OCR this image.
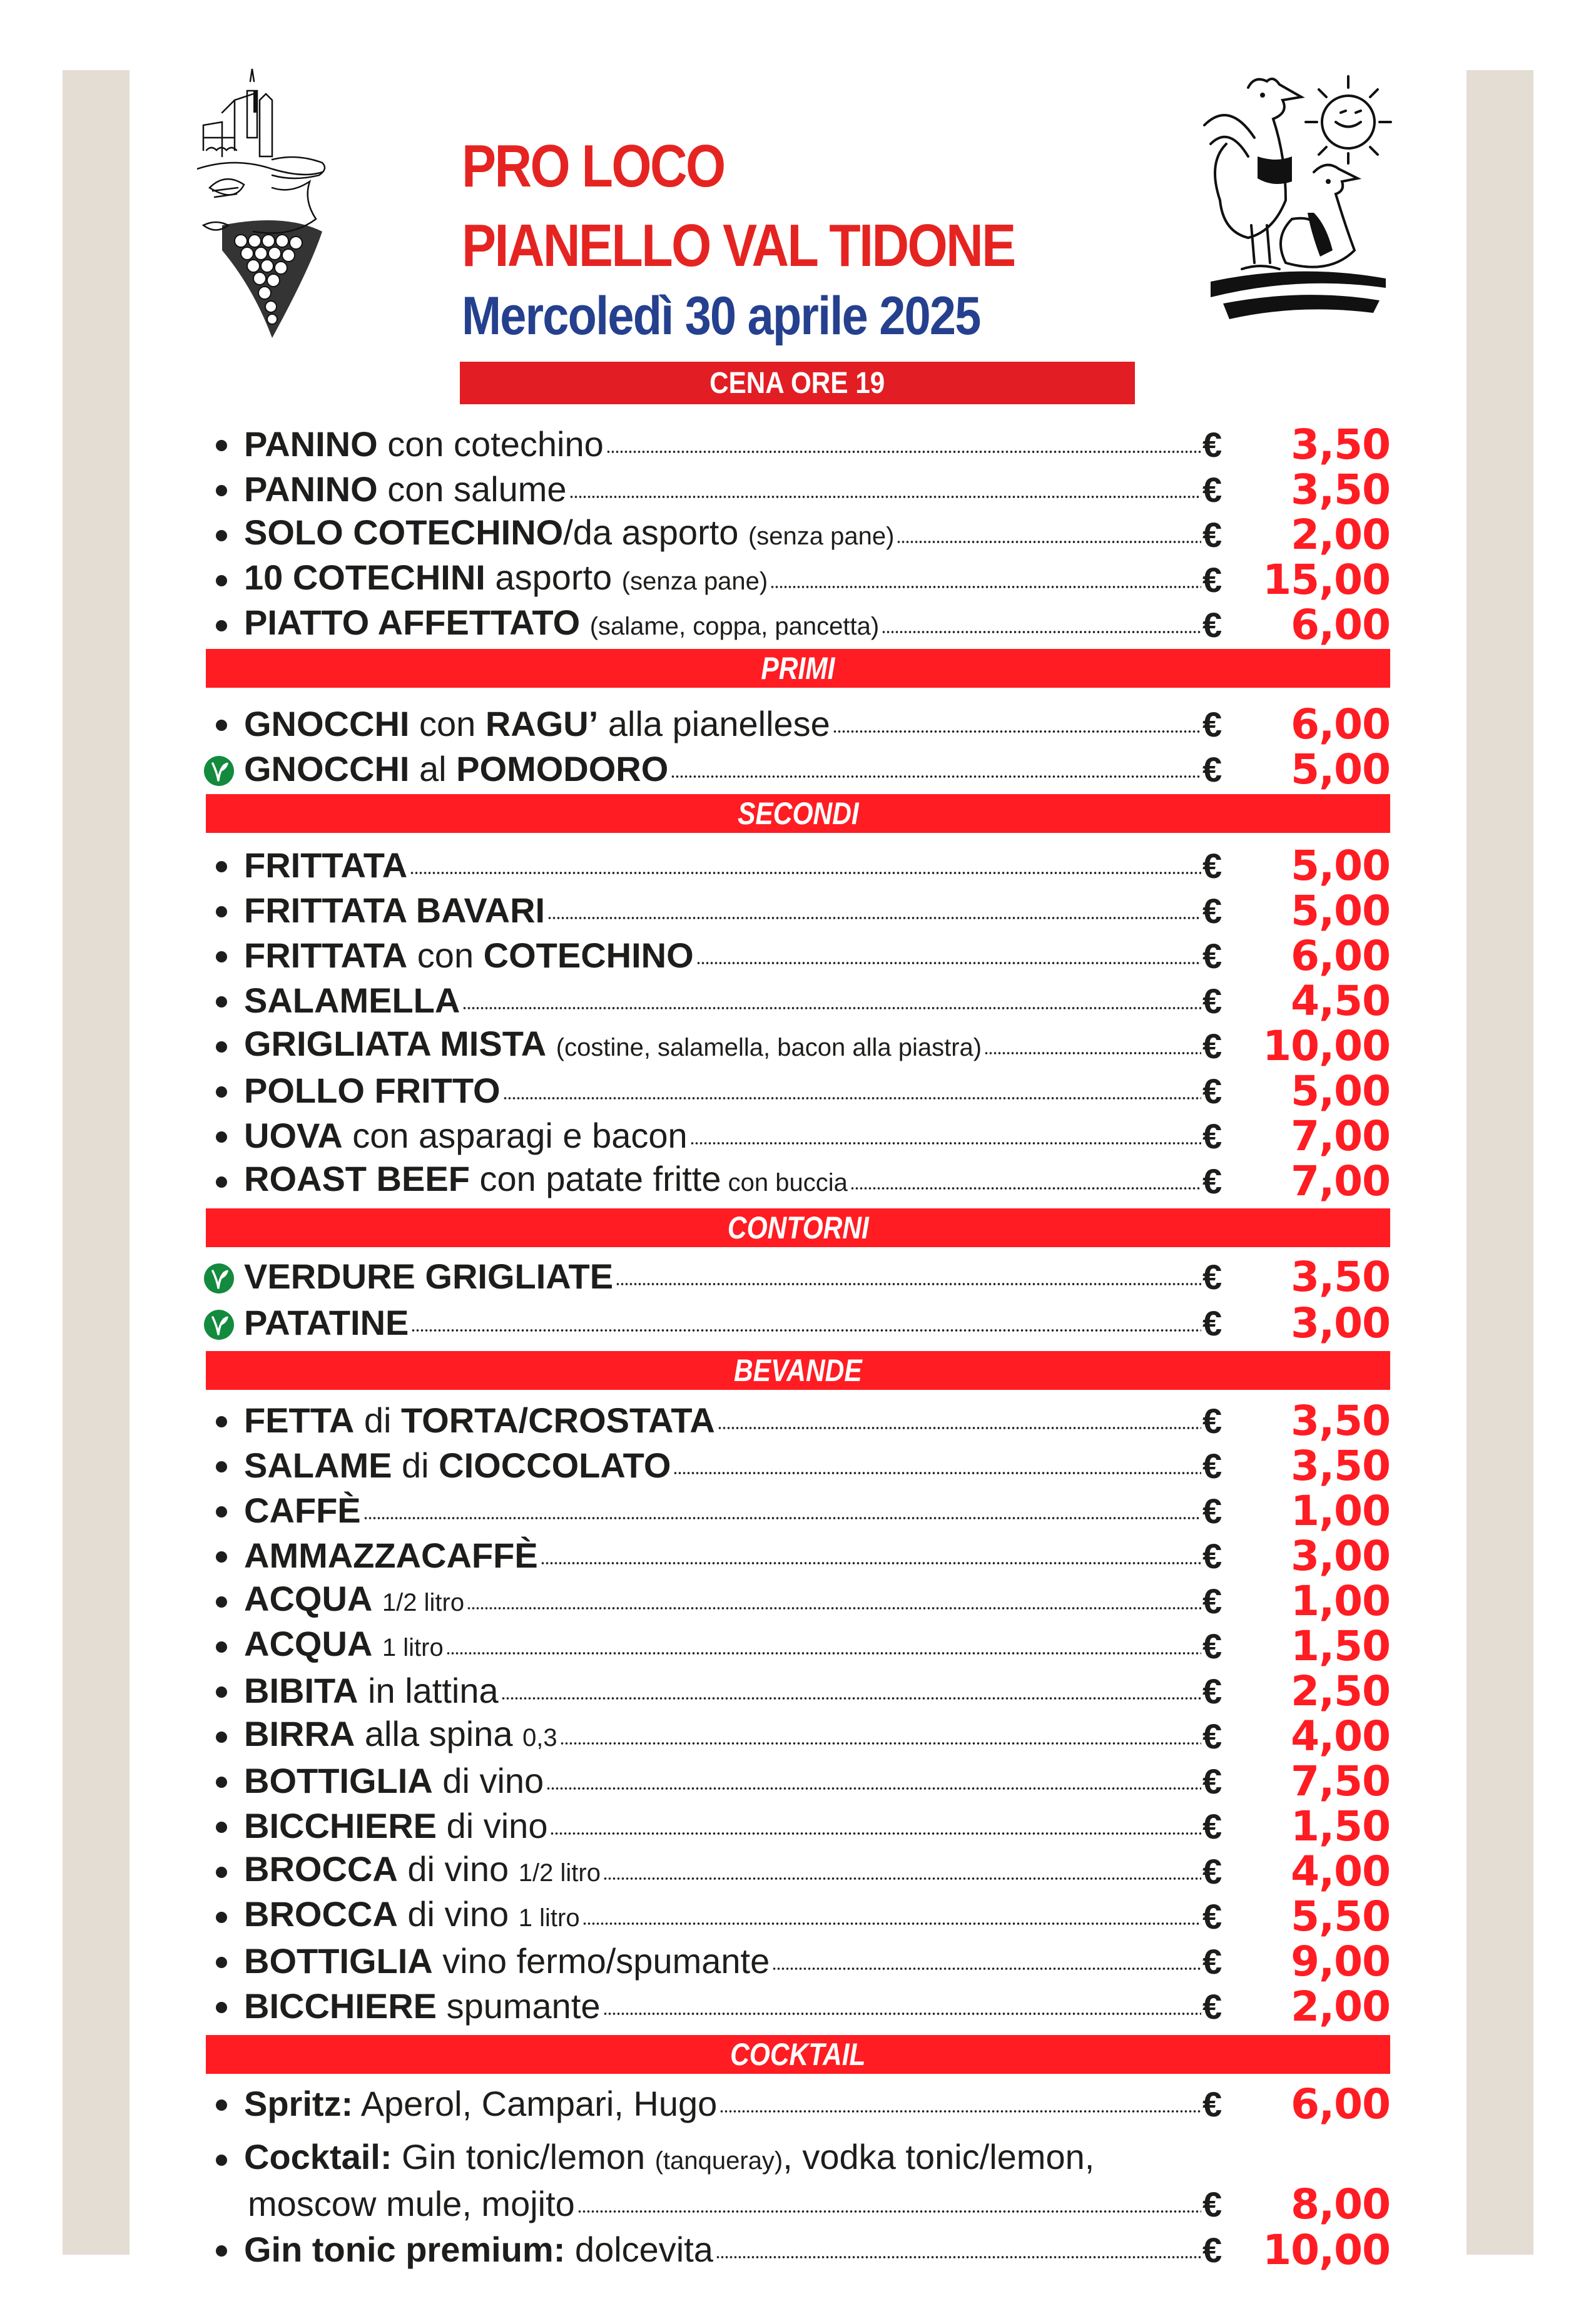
PRO LOCO
PIANELLO VAL TIDONE
Mercoledì 30 aprile 2025
CENA ORE 19
PANINO con cotechino	€	3,50
PANINO con salume	€	3,50
SOLO COTECHINO/da asporto (senza pane)	€	2,00
10 COTECHINI asporto (senza pane)	€ 15,00
PIATTO AFFETTATO (salame, coppa, pancetta)	€	6,00
PRIMI
GNOCCHI con RAGU’ alla pianellese	€	6,00
GNOCCHI al POMODORO	€	5,00
SECONDI
FRITTATA	€	5,00
FRITTATA BAVARI	€	5,00
FRITTATA con COTECHINO	€	6,00
SALAMELLA	€	4,50
GRIGLIATA MISTA (costine, salamella, bacon alla piastra)	€ 10,00
POLLO FRITTO	€	5,00
UOVA con asparagi e bacon	€	7,00
ROAST BEEF con patate fritte con buccia	€	7,00
CONTORNI
VERDURE GRIGLIATE	€	3,50
PATATINE	€	3,00
BEVANDE
FETTA di TORTA/CROSTATA	€	3,50
SALAME di CIOCCOLATO	€	3,50
CAFFÈ	€	1,00
AMMAZZACAFFÈ	€	3,00
ACQUA 1/2 litro	€	1,00
ACQUA 1 litro	€	1,50
BIBITA in lattina	€	2,50
BIRRA alla spina 0,3	€	4,00
BOTTIGLIA di vino	€	7,50
BICCHIERE di vino	€	1,50
BROCCA di vino 1/2 litro	€	4,00
BROCCA di vino 1 litro	€	5,50
BOTTIGLIA vino fermo/spumante	€	9,00
BICCHIERE spumante	€	2,00
COCKTAIL
Spritz: Aperol, Campari, Hugo	€	6,00
Cocktail: Gin tonic/lemon (tanqueray), vodka tonic/lemon,
moscow mule, mojito	€	8,00
Gin tonic premium: dolcevita	€ 10,00
